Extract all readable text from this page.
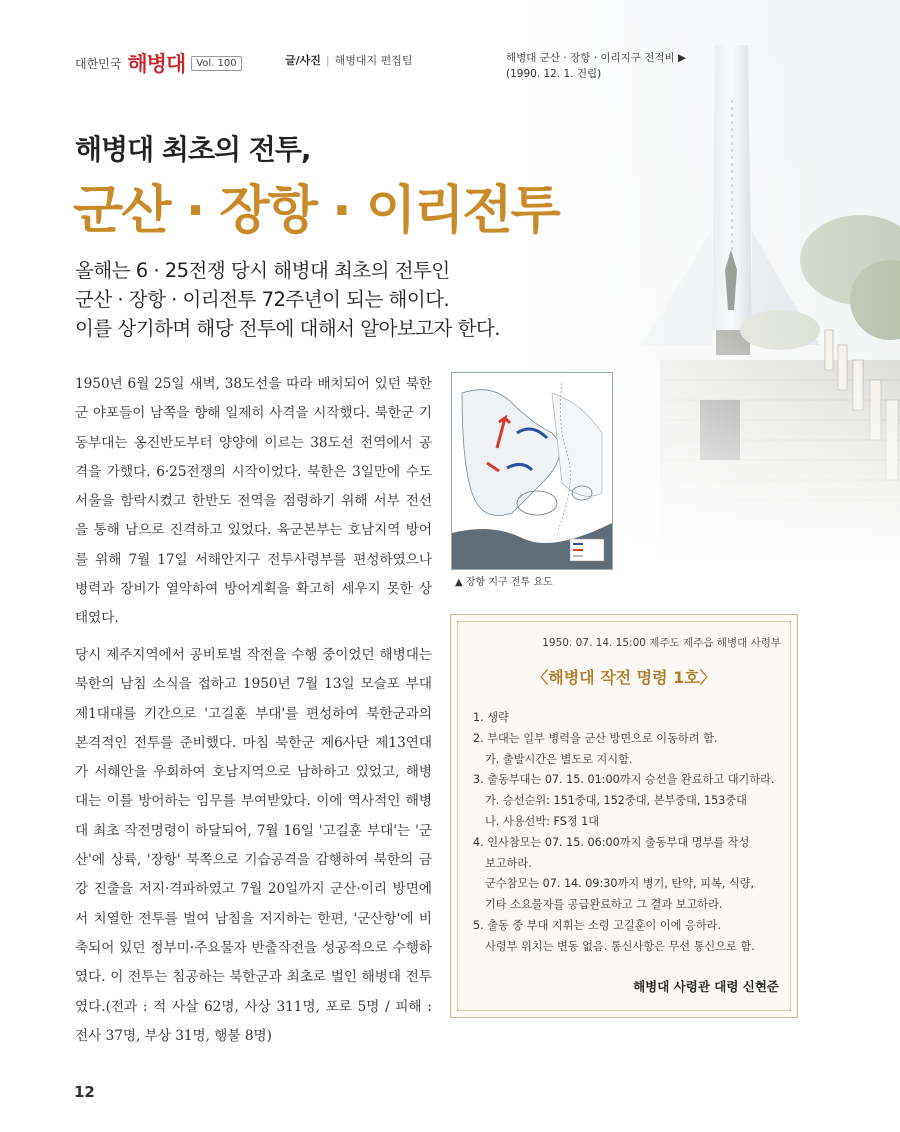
대한민국 해병대	Vol. 100	글/사진 | 해병대지 편집팀	해병대 군산 · 장항 · 이리지구 전적비 ▶
(1990. 12. 1. 건립)
해병대 최초의 전투,
군산 · 장항 · 이리전투
올해는 6 · 25전쟁 당시 해병대 최초의 전투인
군산 · 장항 · 이리전투 72주년이 되는 해이다.
이를 상기하며 해당 전투에 대해서 알아보고자 한다.
1950년 6월 25일 새벽, 38도선을 따라 배치되어 있던 북한군 야포들이 남쪽을 향해 일제히 사격을 시작했다. 북한군 기동부대는 옹진반도부터 양양에 이르는 38도선 전역에서 공격을 가했다. 6·25전쟁의 시작이었다. 북한은 3일만에 수도 서울을 함락시켰고 한반도 전역을 점령하기 위해 서부 전선을 통해 남으로 진격하고 있었다. 육군본부는 호남지역 방어를 위해 7월 17일 서해안지구 전투사령부를 편성하였으나 병력과 장비가 열악하여 방어계획을 확고히 세우지 못한 상태였다.
당시 제주지역에서 공비토벌 작전을 수행 중이었던 해병대는 북한의 남침 소식을 접하고 1950년 7월 13일 모슬포 부대 제1대대를 기간으로 '고길훈 부대'를 편성하여 북한군과의 본격적인 전투를 준비했다. 마침 북한군 제6사단 제13연대가 서해안을 우회하여 호남지역으로 남하하고 있었고, 해병대는 이를 방어하는 임무를 부여받았다. 이에 역사적인 해병대 최초 작전명령이 하달되어, 7월 16일 '고길훈 부대'는 '군산'에 상륙, '장항' 북쪽으로 기습공격을 감행하여 북한의 금강 진출을 저지·격파하였고 7월 20일까지 군산·이리 방면에서 치열한 전투를 벌여 남침을 저지하는 한편, '군산항'에 비축되어 있던 정부미·주요물자 반출작전을 성공적으로 수행하였다. 이 전투는 침공하는 북한군과 최초로 벌인 해병대 전투였다.(전과 : 적 사살 62명, 사상 311명, 포로 5명 / 피해 : 전사 37명, 부상 31명, 행불 8명)
▲ 장항 지구 전투 요도
1950. 07. 14. 15:00 제주도 제주읍 해병대 사령부
〈해병대 작전 명령 1호〉
1. 생략
2. 부대는 일부 병력을 군산 방면으로 이동하려 함.
가. 출발시간은 별도로 지시함.
3. 출동부대는 07. 15. 01:00까지 승선을 완료하고 대기하라.
가. 승선순위: 151중대, 152중대, 본부중대, 153중대
나. 사용선박: FS정 1대
4. 인사참모는 07. 15. 06:00까지 출동부대 명부를 작성
보고하라.
군수참모는 07. 14. 09:30까지 병기, 탄약, 피복, 식량,
기타 소요물자를 공급완료하고 그 결과 보고하라.
5. 출동 중 부대 지휘는 소령 고길훈이 이에 응하라.
사령부 위치는 변동 없음. 통신사항은 무선 통신으로 함.
해병대 사령관 대령 신현준
12
